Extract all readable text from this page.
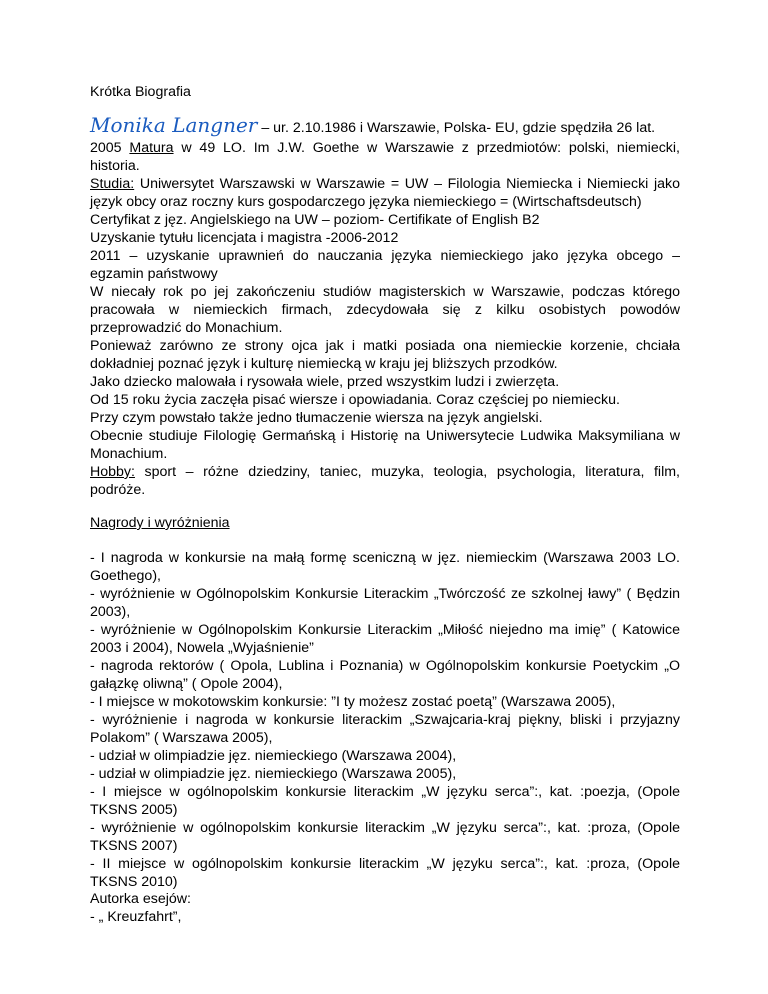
Krótka Biografia
Monika Langner – ur. 2.10.1986 i Warszawie, Polska- EU, gdzie spędziła 26 lat.

2005 Matura w 49 LO. Im J.W. Goethe w Warszawie z przedmiotów: polski, niemiecki, historia.

Studia: Uniwersytet Warszawski w Warszawie = UW – Filologia Niemiecka i Niemiecki jako język obcy oraz roczny kurs gospodarczego języka niemieckiego = (Wirtschaftsdeutsch)

Certyfikat z jęz. Angielskiego na UW – poziom- Certifikate of English B2

Uzyskanie tytułu licencjata i magistra -2006-2012

2011 – uzyskanie uprawnień do nauczania języka niemieckiego jako języka obcego – egzamin państwowy

W niecały rok po jej zakończeniu studiów magisterskich w Warszawie, podczas którego pracowała w niemieckich firmach, zdecydowała się z kilku osobistych powodów przeprowadzić do Monachium.

Ponieważ zarówno ze strony ojca jak i matki posiada ona niemieckie korzenie, chciała dokładniej poznać język i kulturę niemiecką w kraju jej bliższych przodków.

Jako dziecko malowała i rysowała wiele, przed wszystkim ludzi i zwierzęta.

Od 15 roku życia zaczęła pisać wiersze i opowiadania. Coraz częściej po niemiecku.

Przy czym powstało także jedno tłumaczenie wiersza na język angielski.

Obecnie studiuje Filologię Germańską i Historię na Uniwersytecie Ludwika Maksymiliana w Monachium.

Hobby: sport – różne dziedziny, taniec, muzyka, teologia, psychologia, literatura, film, podróże.

Nagrody i wyróżnienia

- I nagroda w konkursie na małą formę sceniczną w jęz. niemieckim (Warszawa 2003 LO. Goethego),

- wyróżnienie w Ogólnopolskim Konkursie Literackim „Twórczość ze szkolnej ławy” ( Będzin 2003),

- wyróżnienie w Ogólnopolskim Konkursie Literackim „Miłość niejedno ma imię” ( Katowice 2003 i 2004), Nowela „Wyjaśnienie”

- nagroda rektorów ( Opola, Lublina i Poznania) w Ogólnopolskim konkursie Poetyckim „O gałązkę oliwną” ( Opole 2004),

- I miejsce w mokotowskim konkursie: ”I ty możesz zostać poetą” (Warszawa 2005),

- wyróżnienie i nagroda w konkursie literackim „Szwajcaria-kraj piękny, bliski i przyjazny Polakom” ( Warszawa 2005),

- udział w olimpiadzie jęz. niemieckiego (Warszawa 2004),

- udział w olimpiadzie jęz. niemieckiego (Warszawa 2005),

- I miejsce w ogólnopolskim konkursie literackim „W języku serca”:, kat. :poezja, (Opole TKSNS 2005)

- wyróżnienie w ogólnopolskim konkursie literackim „W języku serca”:, kat. :proza, (Opole TKSNS 2007)

- II miejsce w ogólnopolskim konkursie literackim „W języku serca”:, kat. :proza, (Opole TKSNS 2010)

Autorka esejów:
- „ Kreuzfahrt”,
